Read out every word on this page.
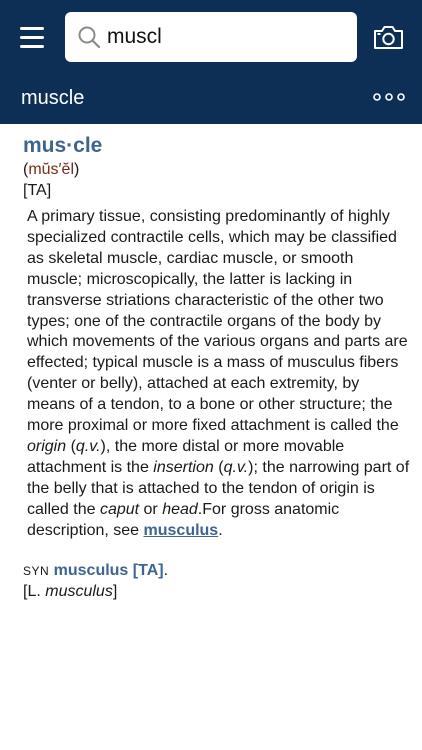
muscl
muscle
mus·cle
(mŭs′ĕl)
[TA]
A primary tissue, consisting predominantly of highly specialized contractile cells, which may be classified as skeletal muscle, cardiac muscle, or smooth muscle; microscopically, the latter is lacking in transverse striations characteristic of the other two types; one of the contractile organs of the body by which movements of the various organs and parts are effected; typical muscle is a mass of musculus fibers (venter or belly), attached at each extremity, by means of a tendon, to a bone or other structure; the more proximal or more fixed attachment is called the origin (q.v.), the more distal or more movable attachment is the insertion (q.v.); the narrowing part of the belly that is attached to the tendon of origin is called the caput or head.For gross anatomic description, see musculus.
SYN musculus [TA].
[L. musculus]
